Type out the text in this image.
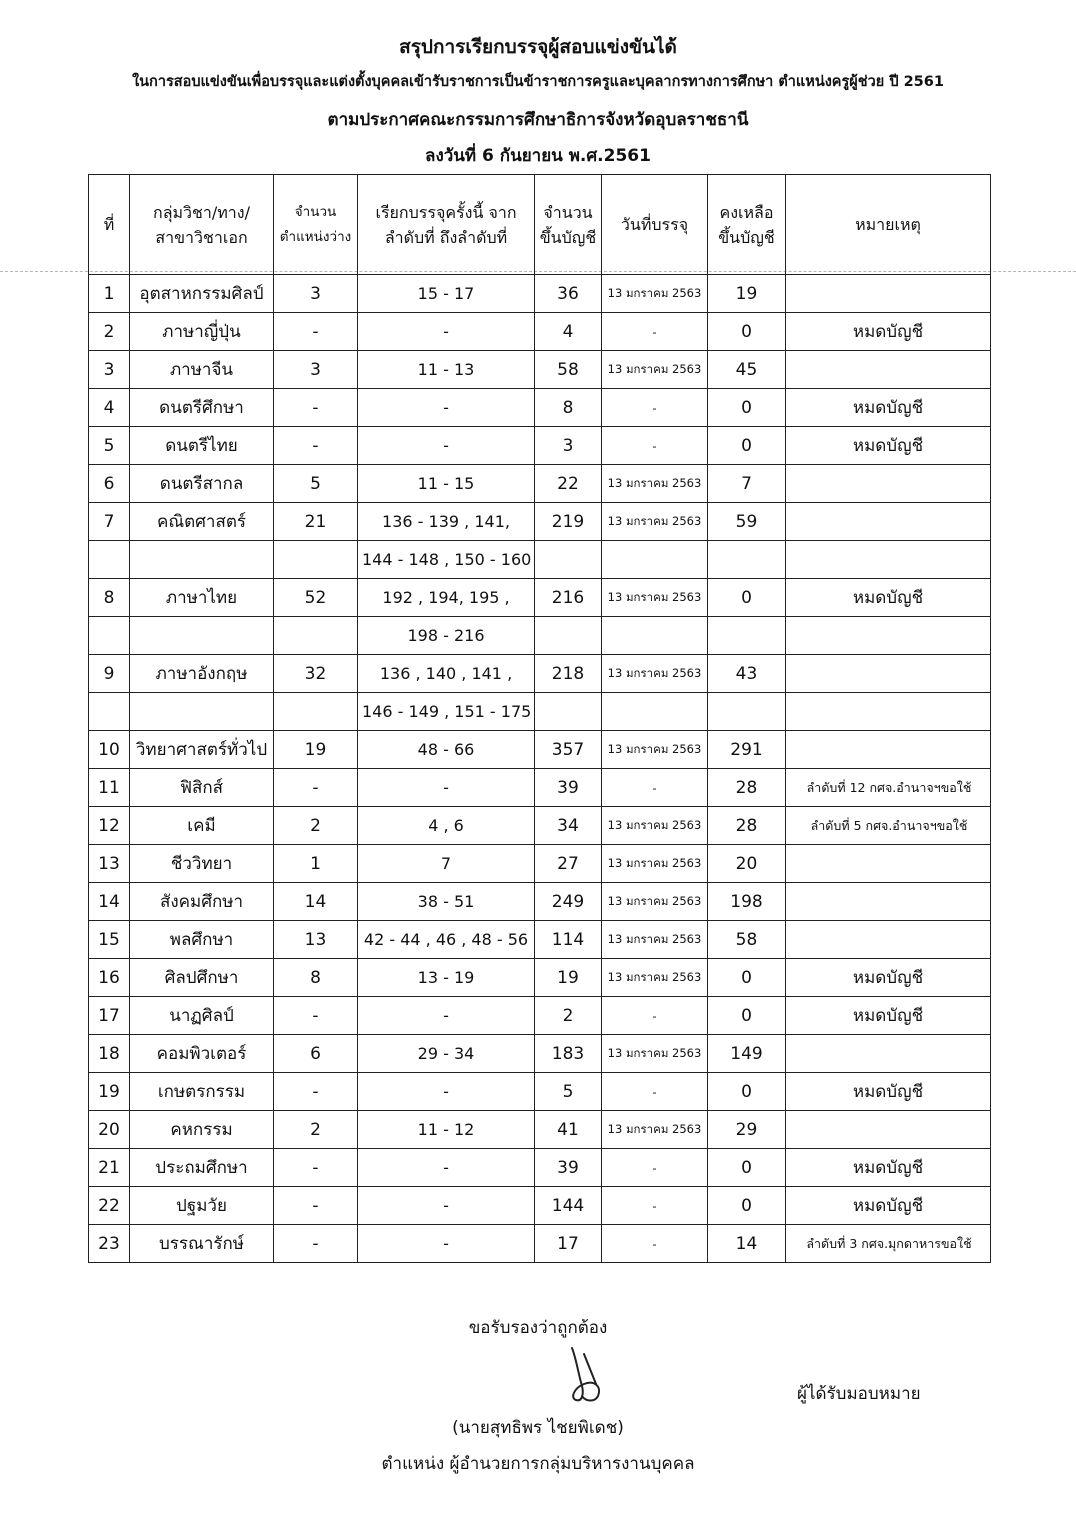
สรุปการเรียกบรรจุผู้สอบแข่งขันได้
ในการสอบแข่งขันเพื่อบรรจุและแต่งตั้งบุคคลเข้ารับราชการเป็นข้าราชการครูและบุคลากรทางการศึกษา ตำแหน่งครูผู้ช่วย ปี 2561
ตามประกาศคณะกรรมการศึกษาธิการจังหวัดอุบลราชธานี
ลงวันที่ 6 กันยายน พ.ศ.2561
ที่	กลุ่มวิชา/ทาง/ สาขาวิชาเอก	จำนวน ตำแหน่งว่าง	เรียกบรรจุครั้งนี้ จากลำดับที่ ถึงลำดับที่	จำนวน ขึ้นบัญชี	วันที่บรรจุ	คงเหลือ ขึ้นบัญชี	หมายเหตุ
1	อุตสาหกรรมศิลป์	3	15 - 17	36	13 มกราคม 2563	19	
2	ภาษาญี่ปุ่น	-	-	4	-	0	หมดบัญชี
3	ภาษาจีน	3	11 - 13	58	13 มกราคม 2563	45	
4	ดนตรีศึกษา	-	-	8	-	0	หมดบัญชี
5	ดนตรีไทย	-	-	3	-	0	หมดบัญชี
6	ดนตรีสากล	5	11 - 15	22	13 มกราคม 2563	7	
7	คณิตศาสตร์	21	136 - 139 , 141,	219	13 มกราคม 2563	59	
			144 - 148 , 150 - 160				
8	ภาษาไทย	52	192 , 194, 195 ,	216	13 มกราคม 2563	0	หมดบัญชี
			198 - 216				
9	ภาษาอังกฤษ	32	136 , 140 , 141 ,	218	13 มกราคม 2563	43	
			146 - 149 , 151 - 175				
10	วิทยาศาสตร์ทั่วไป	19	48 - 66	357	13 มกราคม 2563	291	
11	ฟิสิกส์	-	-	39	-	28	ลำดับที่ 12 กศจ.อำนาจฯขอใช้
12	เคมี	2	4 , 6	34	13 มกราคม 2563	28	ลำดับที่ 5 กศจ.อำนาจฯขอใช้
13	ชีววิทยา	1	7	27	13 มกราคม 2563	20	
14	สังคมศึกษา	14	38 - 51	249	13 มกราคม 2563	198	
15	พลศึกษา	13	42 - 44 , 46 , 48 - 56	114	13 มกราคม 2563	58	
16	ศิลปศึกษา	8	13 - 19	19	13 มกราคม 2563	0	หมดบัญชี
17	นาฏศิลป์	-	-	2	-	0	หมดบัญชี
18	คอมพิวเตอร์	6	29 - 34	183	13 มกราคม 2563	149	
19	เกษตรกรรม	-	-	5	-	0	หมดบัญชี
20	คหกรรม	2	11 - 12	41	13 มกราคม 2563	29	
21	ประถมศึกษา	-	-	39	-	0	หมดบัญชี
22	ปฐมวัย	-	-	144	-	0	หมดบัญชี
23	บรรณารักษ์	-	-	17	-	14	ลำดับที่ 3 กศจ.มุกดาหารขอใช้
ขอรับรองว่าถูกต้อง
ผู้ได้รับมอบหมาย
(นายสุทธิพร ไชยพิเดช)
ตำแหน่ง ผู้อำนวยการกลุ่มบริหารงานบุคคล
